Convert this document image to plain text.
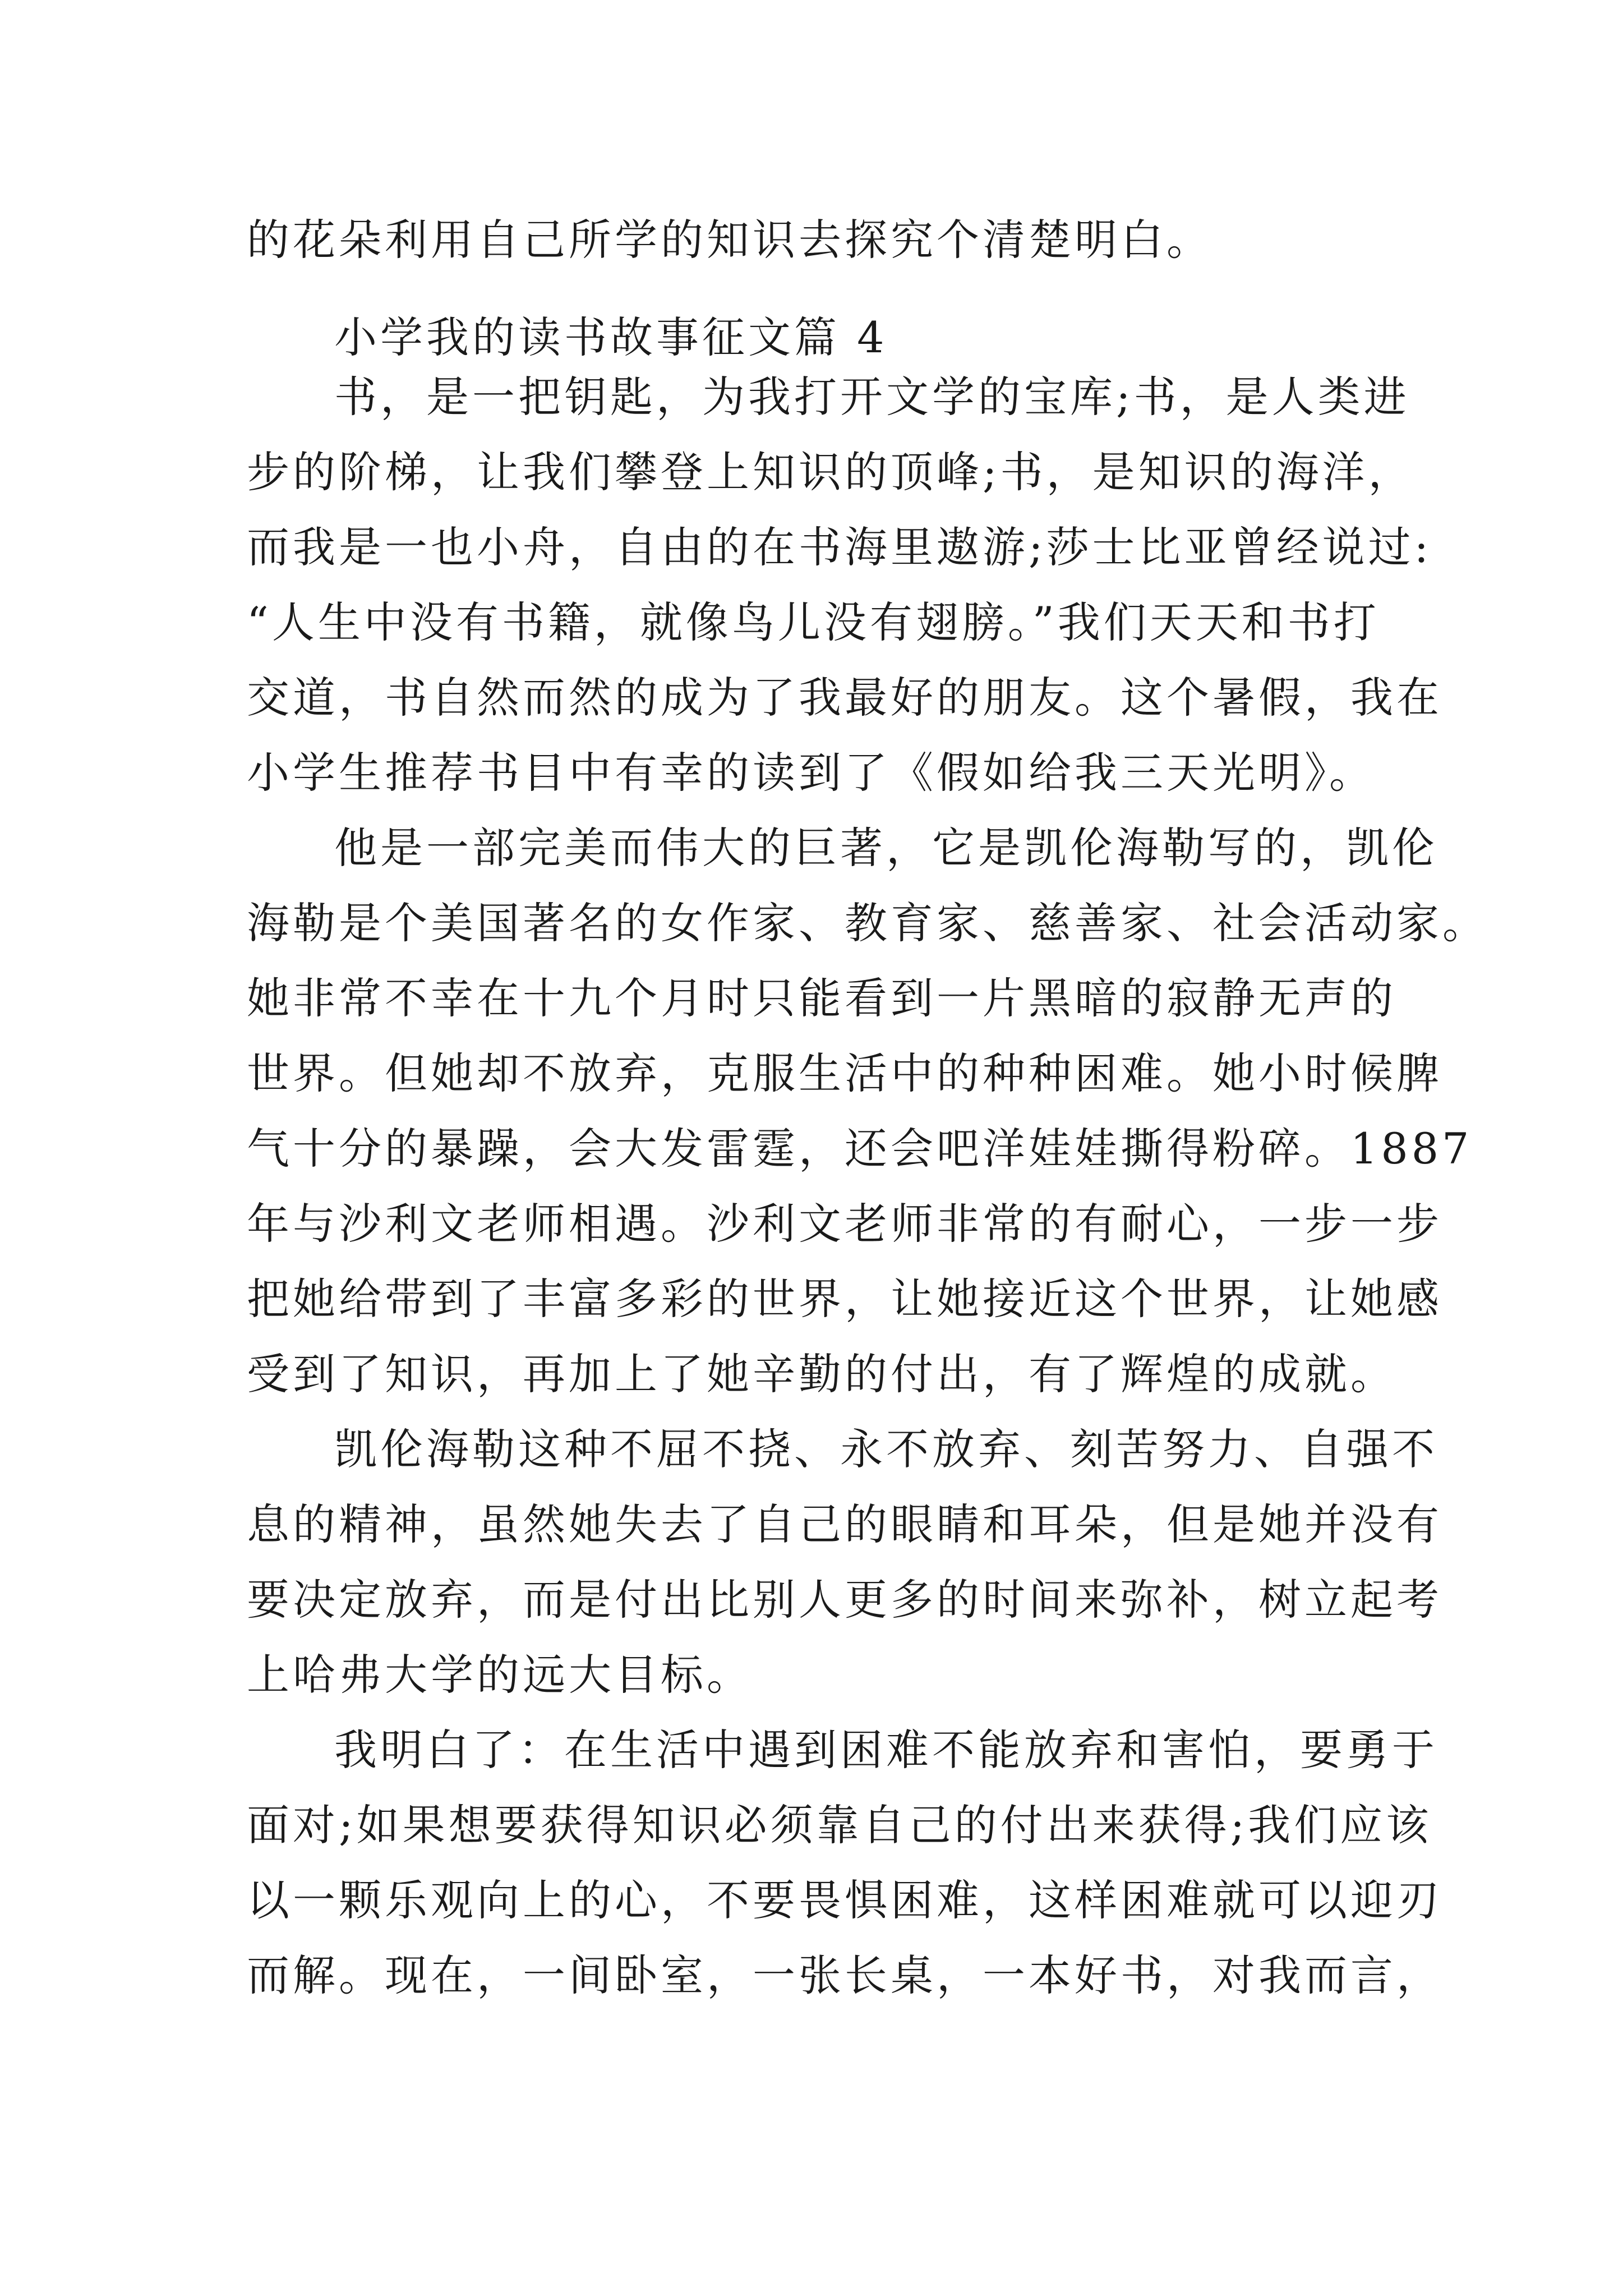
的花朵利用自己所学的知识去探究个清楚明白。
小学我的读书故事征文篇 4
书，是一把钥匙，为我打开文学的宝库;书，是人类进
步的阶梯，让我们攀登上知识的顶峰;书，是知识的海洋，
而我是一也小舟，自由的在书海里遨游;莎士比亚曾经说过:
“人生中没有书籍，就像鸟儿没有翅膀。”我们天天和书打
交道，书自然而然的成为了我最好的朋友。这个暑假，我在
小学生推荐书目中有幸的读到了《假如给我三天光明》。
他是一部完美而伟大的巨著，它是凯伦海勒写的，凯伦
海勒是个美国著名的女作家、教育家、慈善家、社会活动家。
她非常不幸在十九个月时只能看到一片黑暗的寂静无声的
世界。但她却不放弃，克服生活中的种种困难。她小时候脾
气十分的暴躁，会大发雷霆，还会吧洋娃娃撕得粉碎。1887
年与沙利文老师相遇。沙利文老师非常的有耐心，一步一步
把她给带到了丰富多彩的世界，让她接近这个世界，让她感
受到了知识，再加上了她辛勤的付出，有了辉煌的成就。
凯伦海勒这种不屈不挠、永不放弃、刻苦努力、自强不
息的精神，虽然她失去了自己的眼睛和耳朵，但是她并没有
要决定放弃，而是付出比别人更多的时间来弥补，树立起考
上哈弗大学的远大目标。
我明白了：在生活中遇到困难不能放弃和害怕，要勇于
面对;如果想要获得知识必须靠自己的付出来获得;我们应该
以一颗乐观向上的心，不要畏惧困难，这样困难就可以迎刃
而解。现在，一间卧室，一张长桌，一本好书，对我而言，
